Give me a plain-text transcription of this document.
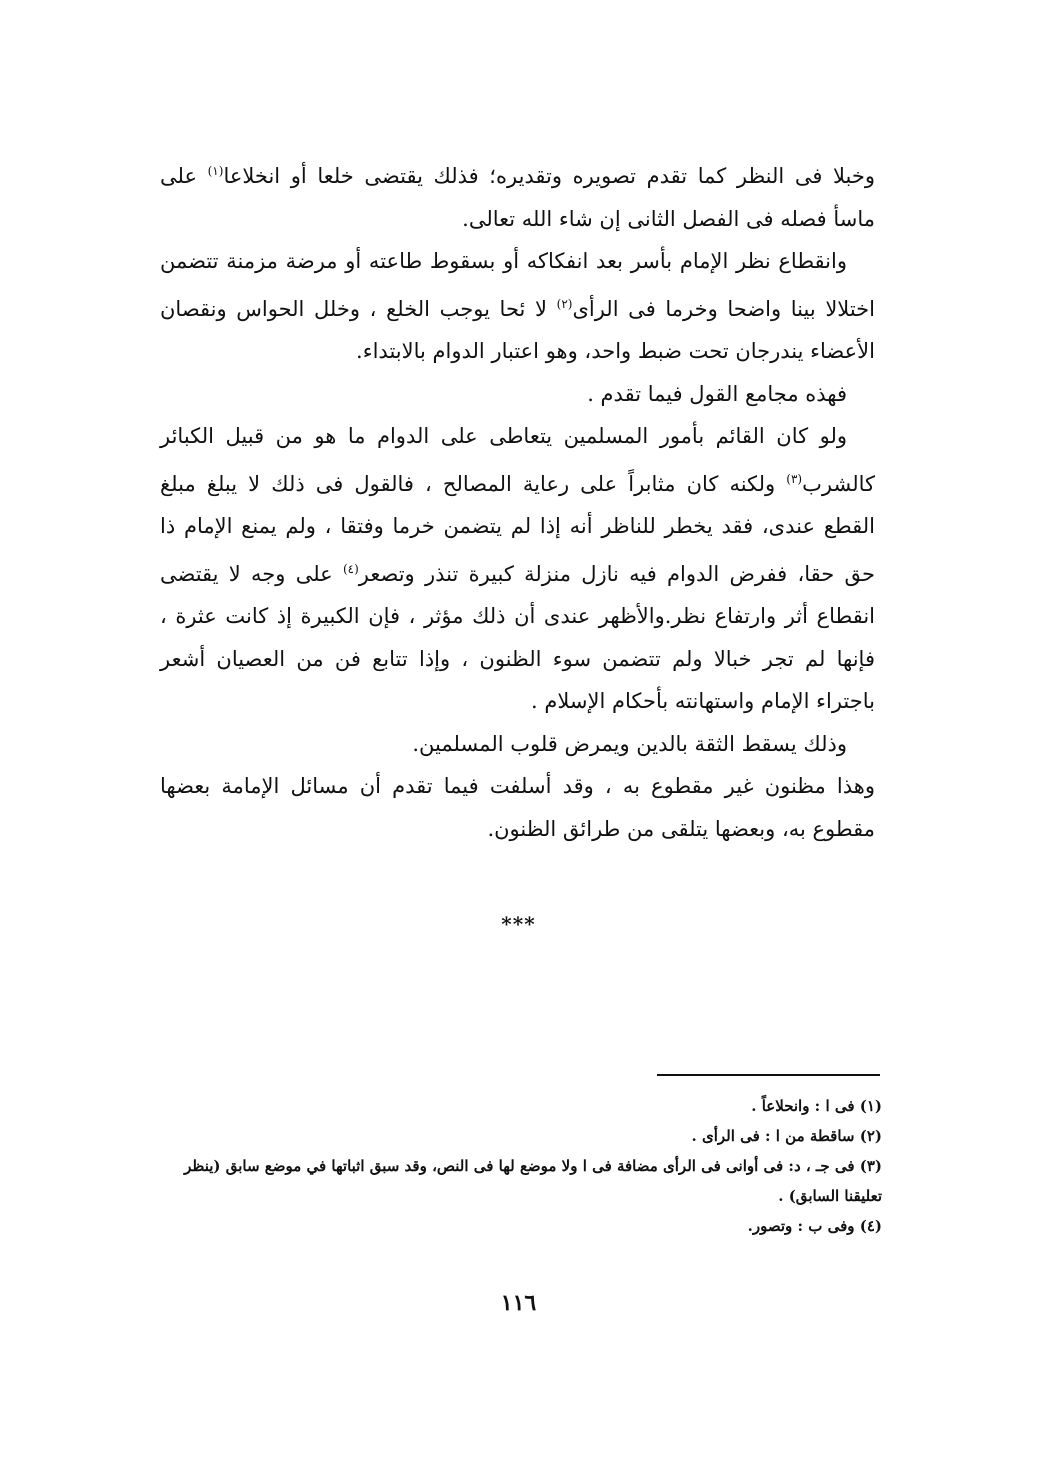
وخبلا فى النظر كما تقدم تصويره وتقديره؛ فذلك يقتضى خلعا أو انخلاعا$^{(١)}$ على ماسأ فصله فى الفصل الثانى إن شاء الله تعالى.

وانقطاع نظر الإمام بأسر بعد انفكاكه أو بسقوط طاعته أو مرضة مزمنة تتضمن اختلالا بينا واضحا وخرما فى الرأى$^{(٢)}$ لا ئحا يوجب الخلع ، وخلل الحواس ونقصان الأعضاء يندرجان تحت ضبط واحد، وهو اعتبار الدوام بالابتداء.

فهذه مجامع القول فيما تقدم .

ولو كان القائم بأمور المسلمين يتعاطى على الدوام ما هو من قبيل الكبائر كالشرب$^{(٣)}$ ولكنه كان مثابراً على رعاية المصالح ، فالقول فى ذلك لا يبلغ مبلغ القطع عندى، فقد يخطر للناظر أنه إذا لم يتضمن خرما وفتقا ، ولم يمنع الإمام ذا حق حقا، ففرض الدوام فيه نازل منزلة كبيرة تنذر وتصعر$^{(٤)}$ على وجه لا يقتضى انقطاع أثر وارتفاع نظر.والأظهر عندى أن ذلك مؤثر ، فإن الكبيرة إذ كانت عثرة ، فإنها لم تجر خبالا ولم تتضمن سوء الظنون ، وإذا تتابع فن من العصيان أشعر باجتراء الإمام واستهانته بأحكام الإسلام .

وذلك يسقط الثقة بالدين ويمرض قلوب المسلمين.

وهذا مظنون غير مقطوع به ، وقد أسلفت فيما تقدم أن مسائل الإمامة بعضها مقطوع به، وبعضها يتلقى من طرائق الظنون.

***

(١) فى ا : وانحلاعاً .

(٢) ساقطة من ا : فى الرأى .

(٣) فى جـ ، د: فى أوانى فى الرأى مضافة فى ا ولا موضع لها فى النص، وقد سبق اثباتها في موضع سابق (ينظر تعليقنا السابق) .

(٤) وفى ب : وتصور.

١١٦
